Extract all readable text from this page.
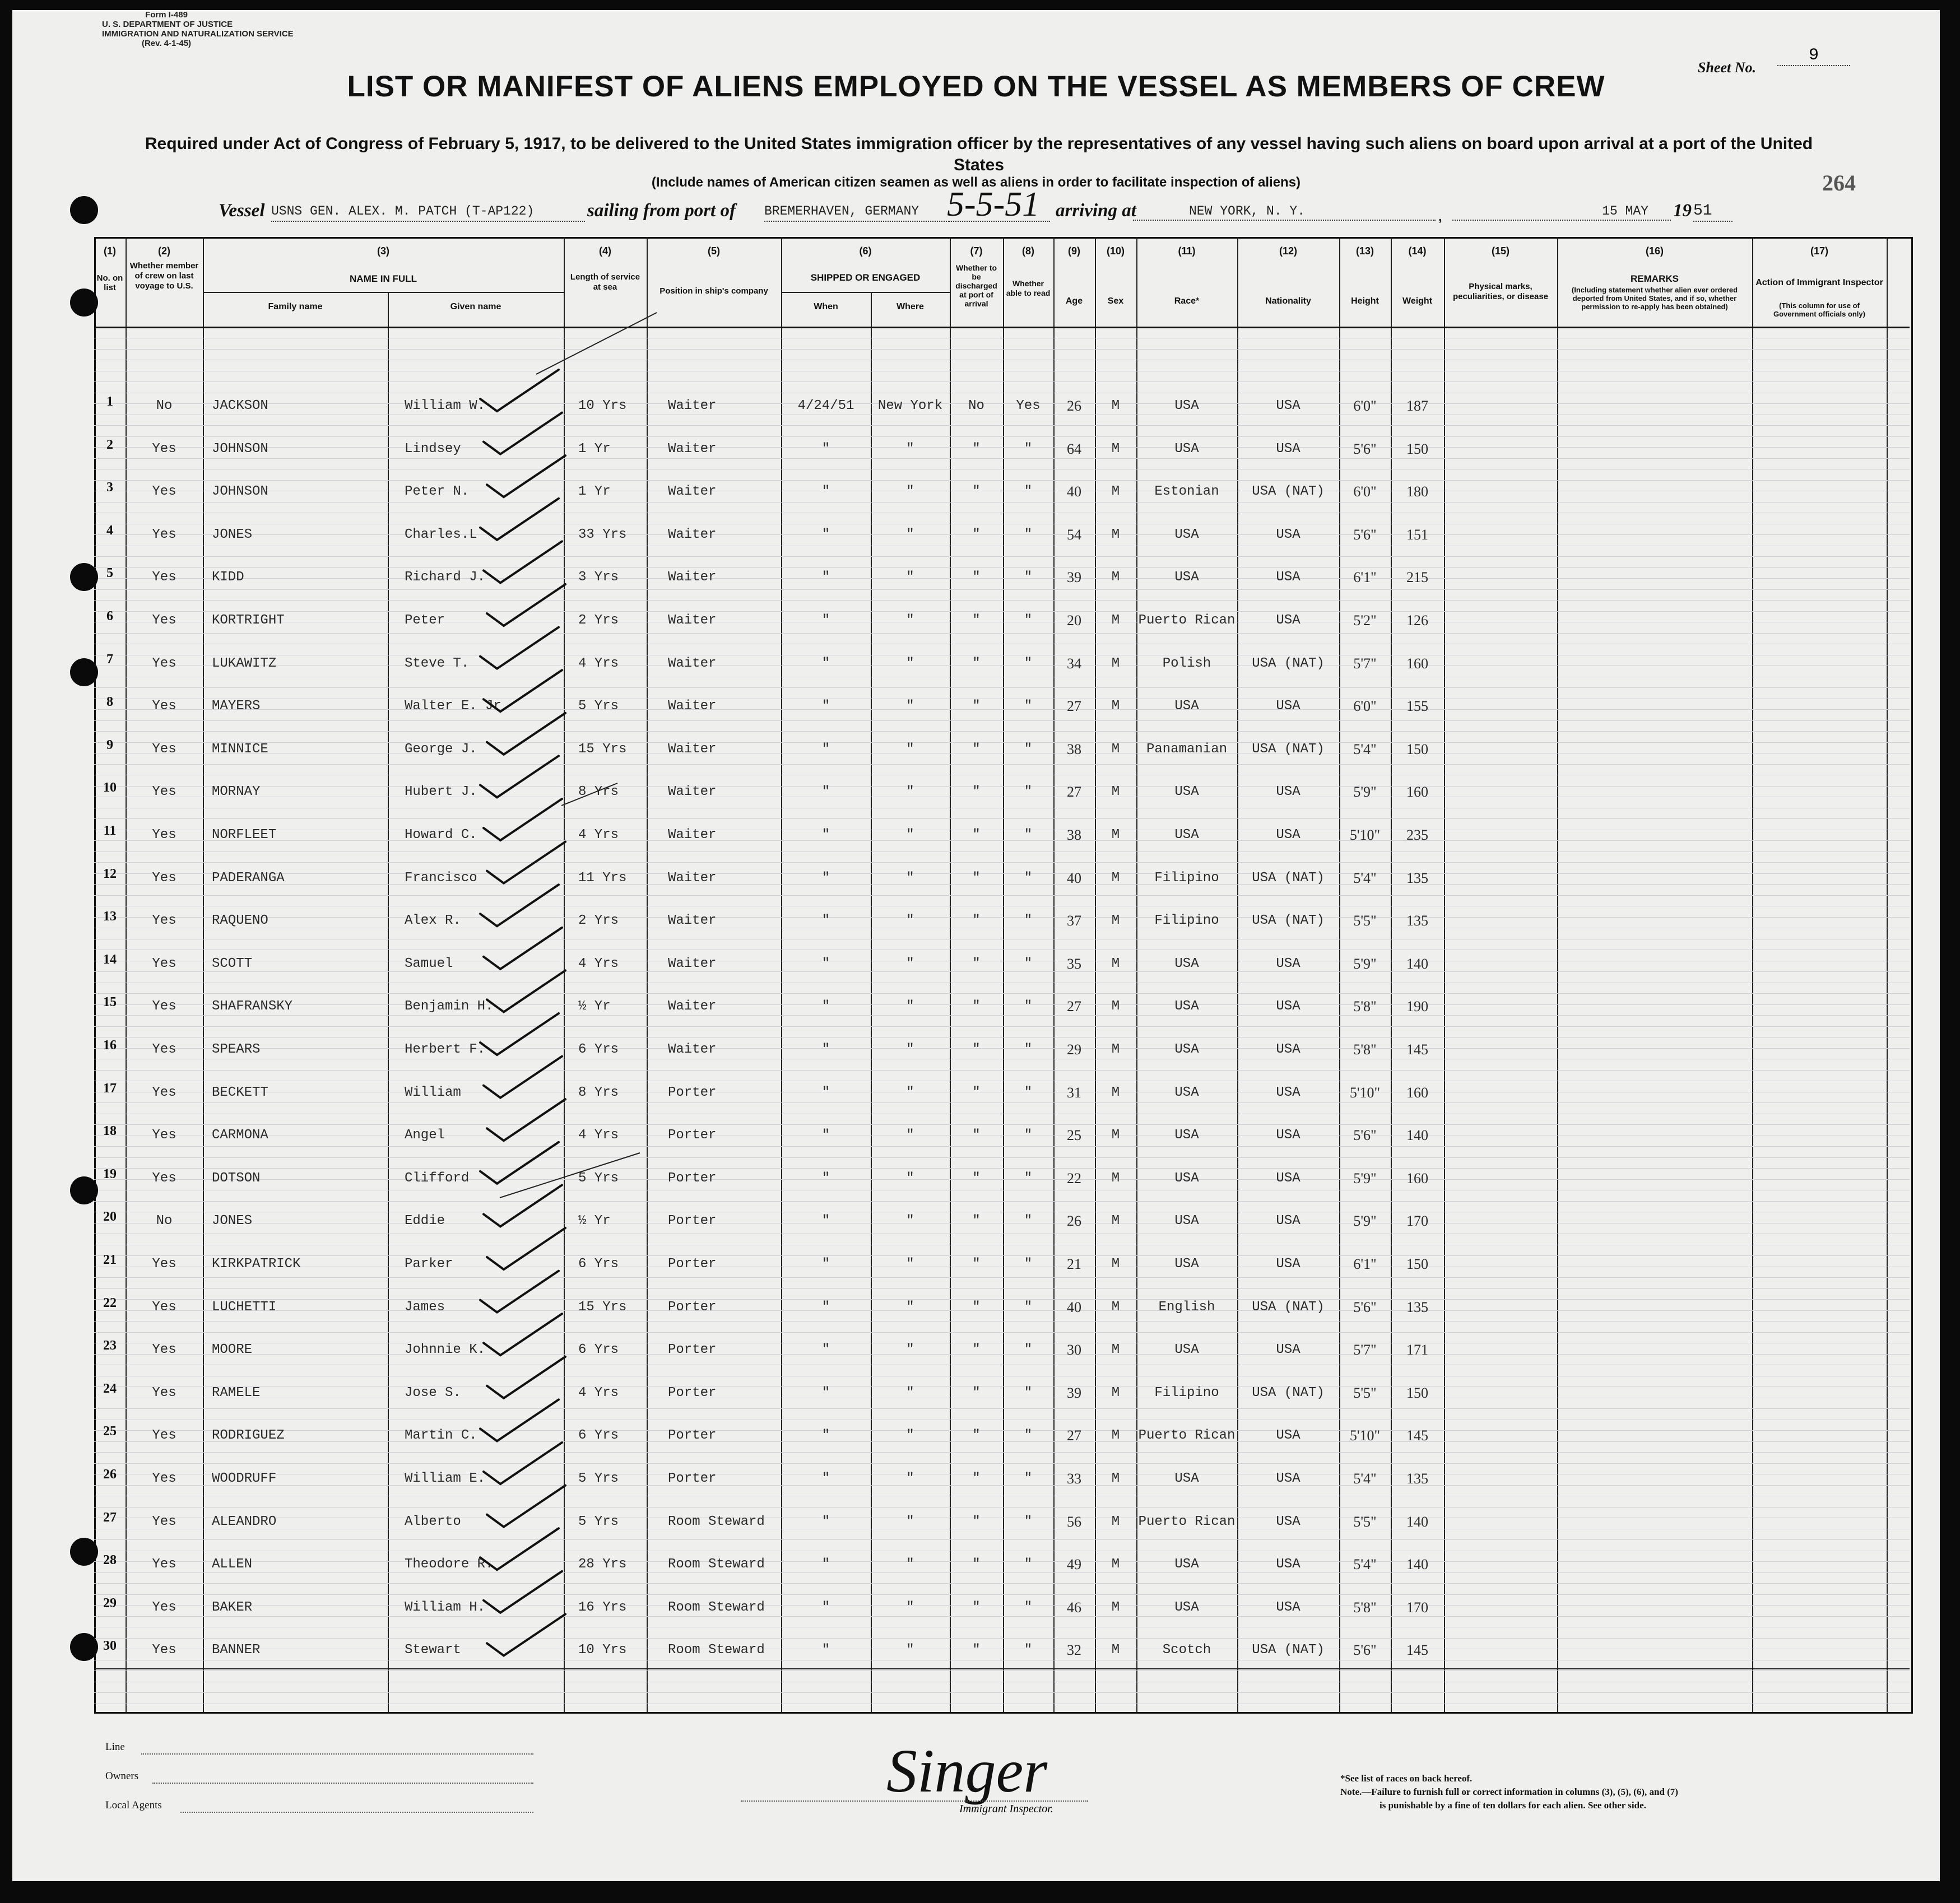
Form I-489
U. S. DEPARTMENT OF JUSTICE
IMMIGRATION AND NATURALIZATION SERVICE
(Rev. 4-1-45)
Sheet No.
9
LIST OR MANIFEST OF ALIENS EMPLOYED ON THE VESSEL AS MEMBERS OF CREW
Required under Act of Congress of February 5, 1917, to be delivered to the United States immigration officer by the representatives of any vessel having such aliens on board upon arrival at a port of the United States
(Include names of American citizen seamen as well as aliens in order to facilitate inspection of aliens)	264
Vessel USNS GEN. ALEX. M. PATCH (T-AP122)	sailing from port of BREMERHAVEN, GERMANY 5-5-51 arriving at	NEW YORK, N. Y.	,	15 MAY	19 51
(1)	(2)	(3)	(4)	(5)	(6)	(7)	(8)	(9)	(10)	(11)	(12)	(13)	(14)	(15)	(16)	(17)
No. on list
Whether member of crew on last voyage to U.S.
NAME IN FULL
Family name	Given name
Length of service at sea	Position in ship's company
SHIPPED OR ENGAGED
When	Where
Whether to be discharged at port of arrival
Whether able to read
Age	Sex	Race*	Nationality	Height	Weight
Physical marks, peculiarities, or disease
REMARKS
(Including statement whether alien ever ordered deported from United States, and if so, whether permission to re-apply has been obtained)
Action of Immigrant Inspector
(This column for use of Government officials only)
1	No	JACKSON	William W.	10 Yrs	Waiter	4/24/51	New York	No	Yes	26	M	USA	USA	6'0"	187
2	Yes	JOHNSON	Lindsey	1 Yr	Waiter	"	"	"	"	64	M	USA	USA	5'6"	150
3	Yes	JOHNSON	Peter N.	1 Yr	Waiter	"	"	"	"	40	M	Estonian	USA (NAT)	6'0"	180
4	Yes	JONES	Charles.L	33 Yrs	Waiter	"	"	"	"	54	M	USA	USA	5'6"	151
5	Yes	KIDD	Richard J.	3 Yrs	Waiter	"	"	"	"	39	M	USA	USA	6'1"	215
6	Yes	KORTRIGHT	Peter	2 Yrs	Waiter	"	"	"	"	20	M	Puerto Rican	USA	5'2"	126
7	Yes	LUKAWITZ	Steve T.	4 Yrs	Waiter	"	"	"	"	34	M	Polish	USA (NAT)	5'7"	160
8	Yes	MAYERS	Walter E. Jr.	5 Yrs	Waiter	"	"	"	"	27	M	USA	USA	6'0"	155
9	Yes	MINNICE	George J.	15 Yrs	Waiter	"	"	"	"	38	M	Panamanian	USA (NAT)	5'4"	150
10	Yes	MORNAY	Hubert J.	8 Yrs	Waiter	"	"	"	"	27	M	USA	USA	5'9"	160
11	Yes	NORFLEET	Howard C.	4 Yrs	Waiter	"	"	"	"	38	M	USA	USA	5'10"	235
12	Yes	PADERANGA	Francisco	11 Yrs	Waiter	"	"	"	"	40	M	Filipino	USA (NAT)	5'4"	135
13	Yes	RAQUENO	Alex R.	2 Yrs	Waiter	"	"	"	"	37	M	Filipino	USA (NAT)	5'5"	135
14	Yes	SCOTT	Samuel	4 Yrs	Waiter	"	"	"	"	35	M	USA	USA	5'9"	140
15	Yes	SHAFRANSKY	Benjamin H.	½ Yr	Waiter	"	"	"	"	27	M	USA	USA	5'8"	190
16	Yes	SPEARS	Herbert F.	6 Yrs	Waiter	"	"	"	"	29	M	USA	USA	5'8"	145
17	Yes	BECKETT	William	8 Yrs	Porter	"	"	"	"	31	M	USA	USA	5'10"	160
18	Yes	CARMONA	Angel	4 Yrs	Porter	"	"	"	"	25	M	USA	USA	5'6"	140
19	Yes	DOTSON	Clifford	5 Yrs	Porter	"	"	"	"	22	M	USA	USA	5'9"	160
20	No	JONES	Eddie	½ Yr	Porter	"	"	"	"	26	M	USA	USA	5'9"	170
21	Yes	KIRKPATRICK	Parker	6 Yrs	Porter	"	"	"	"	21	M	USA	USA	6'1"	150
22	Yes	LUCHETTI	James	15 Yrs	Porter	"	"	"	"	40	M	English	USA (NAT)	5'6"	135
23	Yes	MOORE	Johnnie K.	6 Yrs	Porter	"	"	"	"	30	M	USA	USA	5'7"	171
24	Yes	RAMELE	Jose S.	4 Yrs	Porter	"	"	"	"	39	M	Filipino	USA (NAT)	5'5"	150
25	Yes	RODRIGUEZ	Martin C.	6 Yrs	Porter	"	"	"	"	27	M	Puerto Rican	USA	5'10"	145
26	Yes	WOODRUFF	William E.	5 Yrs	Porter	"	"	"	"	33	M	USA	USA	5'4"	135
27	Yes	ALEANDRO	Alberto	5 Yrs	Room Steward	"	"	"	"	56	M	Puerto Rican	USA	5'5"	140
28	Yes	ALLEN	Theodore R.	28 Yrs	Room Steward	"	"	"	"	49	M	USA	USA	5'4"	140
29	Yes	BAKER	William H.	16 Yrs	Room Steward	"	"	"	"	46	M	USA	USA	5'8"	170
30	Yes	BANNER	Stewart	10 Yrs	Room Steward	"	"	"	"	32	M	Scotch	USA (NAT)	5'6"	145
Line
Owners
Local Agents
Singer
Immigrant Inspector.
*See list of races on back hereof.
Note.—Failure to furnish full or correct information in columns (3), (5), (6), and (7)
is punishable by a fine of ten dollars for each alien. See other side.
